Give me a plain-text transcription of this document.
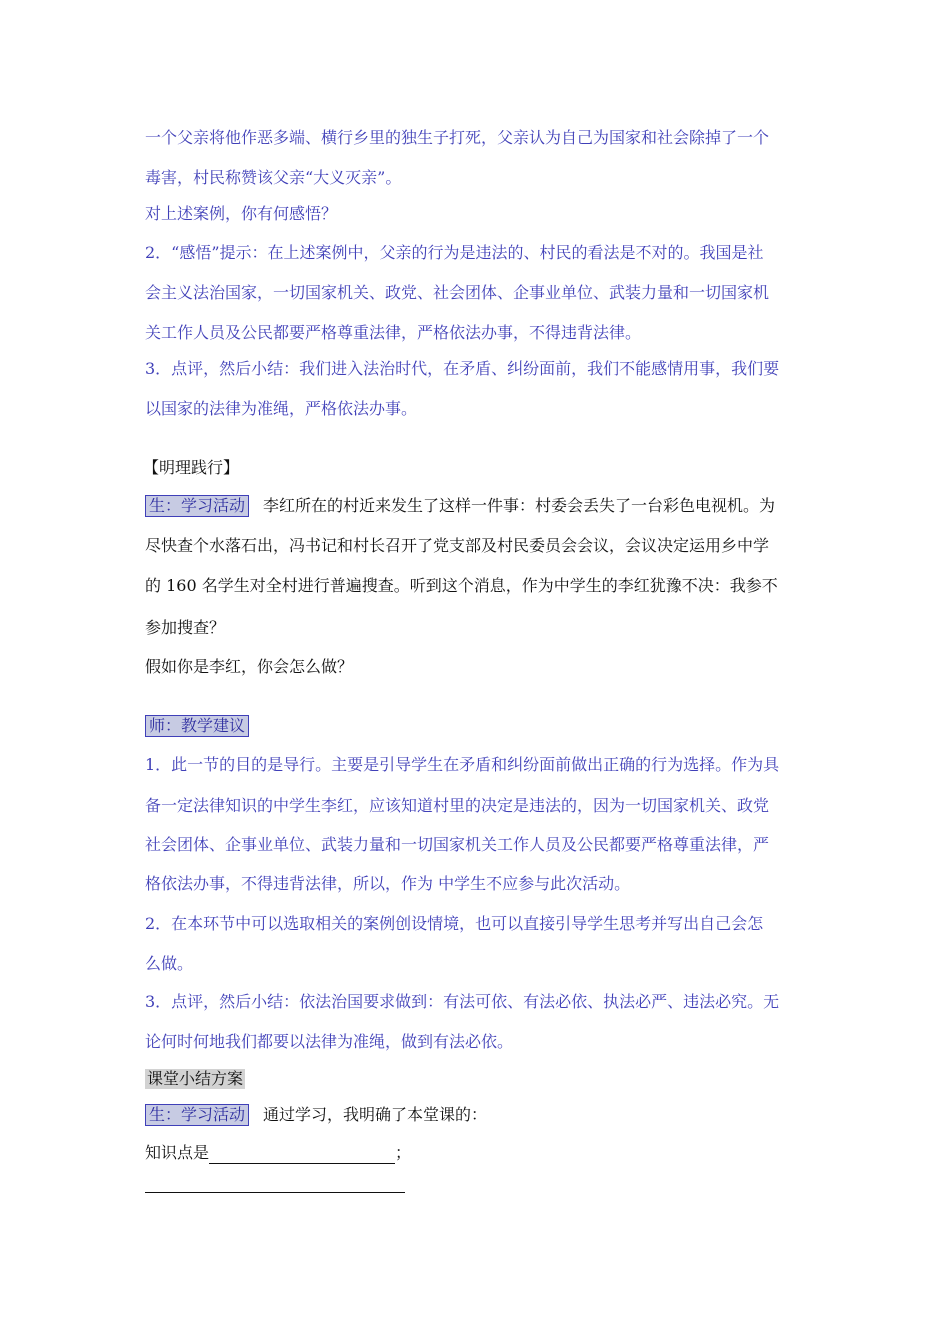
一个父亲将他作恶多端、横行乡里的独生子打死，父亲认为自己为国家和社会除掉了一个
毒害，村民称赞该父亲“大义灭亲”。
对上述案例，你有何感悟？
2．“感悟”提示：在上述案例中，父亲的行为是违法的、村民的看法是不对的。我国是社
会主义法治国家，一切国家机关、政党、社会团体、企事业单位、武装力量和一切国家机
关工作人员及公民都要严格尊重法律，严格依法办事，不得违背法律。
3．点评，然后小结：我们进入法治时代，在矛盾、纠纷面前，我们不能感情用事，我们要
以国家的法律为准绳，严格依法办事。
【明理践行】
生：学习活动 李红所在的村近来发生了这样一件事：村委会丢失了一台彩色电视机。为
尽快查个水落石出，冯书记和村长召开了党支部及村民委员会会议，会议决定运用乡中学
的 160 名学生对全村进行普遍搜查。听到这个消息，作为中学生的李红犹豫不决：我参不
参加搜查？
假如你是李红，你会怎么做？
师：教学建议
1．此一节的目的是导行。主要是引导学生在矛盾和纠纷面前做出正确的行为选择。作为具
备一定法律知识的中学生李红，应该知道村里的决定是违法的，因为一切国家机关、政党
社会团体、企事业单位、武装力量和一切国家机关工作人员及公民都要严格尊重法律，严
格依法办事，不得违背法律，所以，作为 中学生不应参与此次活动。
2．在本环节中可以选取相关的案例创设情境，也可以直接引导学生思考并写出自己会怎
么做。
3．点评，然后小结：依法治国要求做到：有法可依、有法必依、执法必严、违法必究。无
论何时何地我们都要以法律为准绳，做到有法必依。
课堂小结方案
生：学习活动 通过学习，我明确了本堂课的：
知识点是	；
